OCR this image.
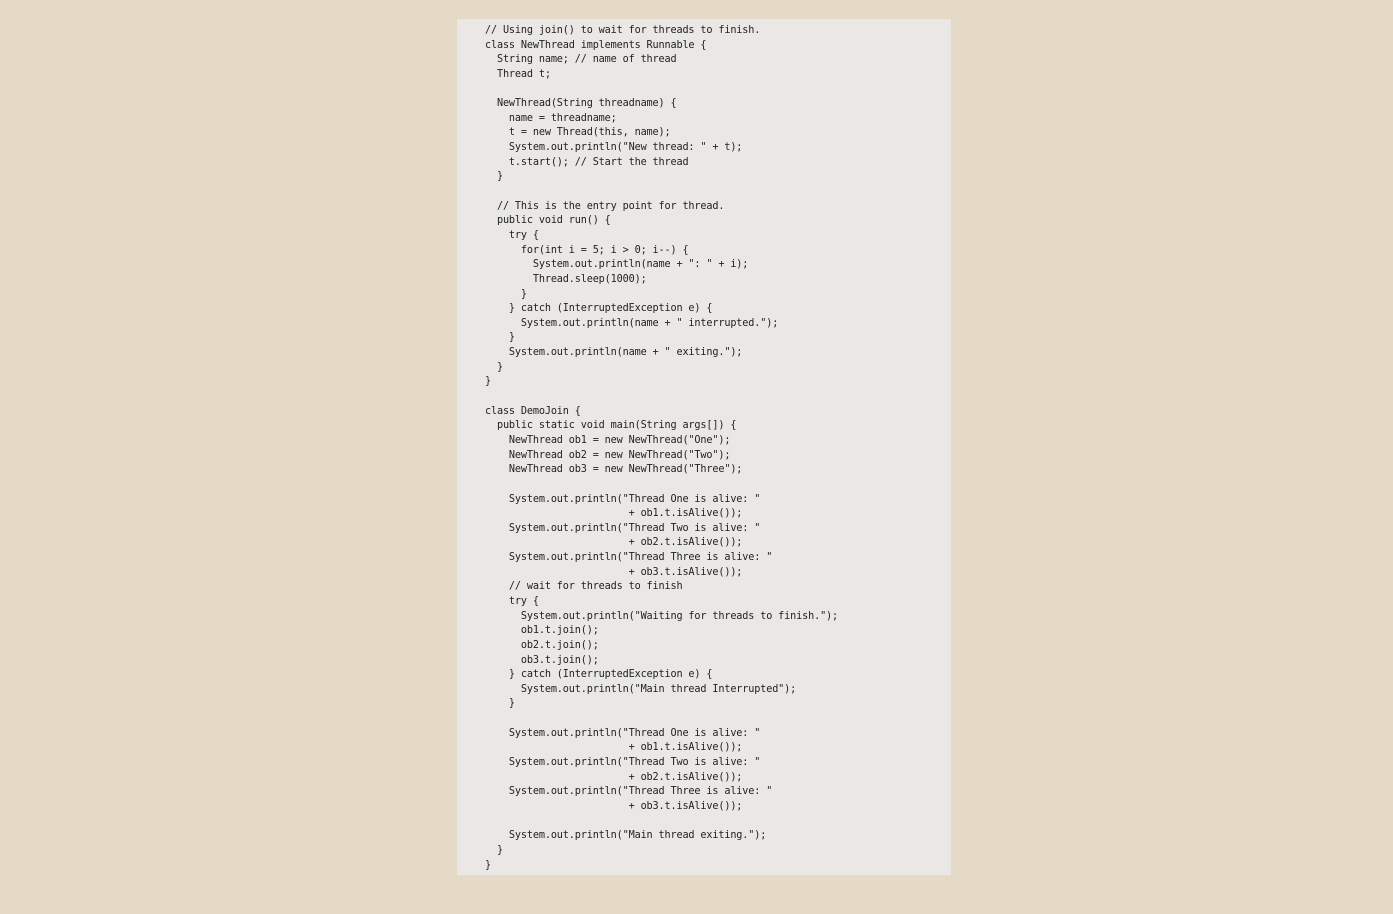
// Using join() to wait for threads to finish.
class NewThread implements Runnable {
String name; // name of thread
Thread t;
NewThread(String threadname) {
name = threadname;
t = new Thread(this, name);
System.out.println("New thread: " + t);
t.start(); // Start the thread
}
// This is the entry point for thread.
public void run() {
try {
for(int i = 5; i > 0; i--) {
System.out.println(name + ": " + i);
Thread.sleep(1000);
}
} catch (InterruptedException e) {
System.out.println(name + " interrupted.");
}
System.out.println(name + " exiting.");
}
}
class DemoJoin {
public static void main(String args[]) {
NewThread ob1 = new NewThread("One");
NewThread ob2 = new NewThread("Two");
NewThread ob3 = new NewThread("Three");
System.out.println("Thread One is alive: "
+ ob1.t.isAlive());
System.out.println("Thread Two is alive: "
+ ob2.t.isAlive());
System.out.println("Thread Three is alive: "
+ ob3.t.isAlive());
// wait for threads to finish
try {
System.out.println("Waiting for threads to finish.");
ob1.t.join();
ob2.t.join();
ob3.t.join();
} catch (InterruptedException e) {
System.out.println("Main thread Interrupted");
}
System.out.println("Thread One is alive: "
+ ob1.t.isAlive());
System.out.println("Thread Two is alive: "
+ ob2.t.isAlive());
System.out.println("Thread Three is alive: "
+ ob3.t.isAlive());
System.out.println("Main thread exiting.");
}
}
